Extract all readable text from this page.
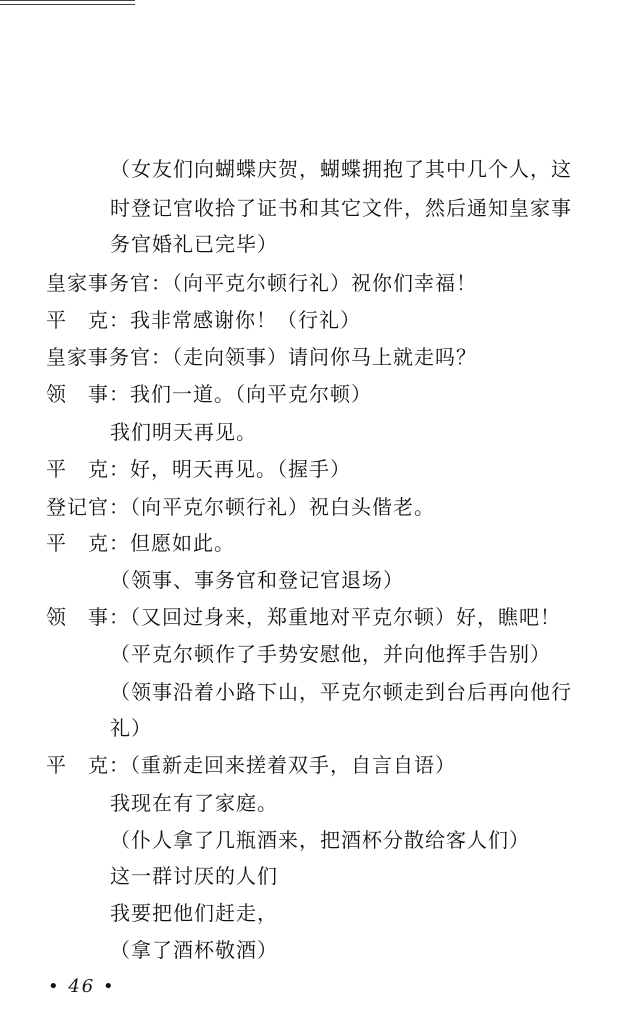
（女友们向蝴蝶庆贺，蝴蝶拥抱了其中几个人，这
时登记官收拾了证书和其它文件，然后通知皇家事
务官婚礼已完毕）
皇家事务官：（向平克尔顿行礼）祝你们幸福！
平　克：我非常感谢你！（行礼）
皇家事务官：（走向领事）请问你马上就走吗？
领　事：我们一道。（向平克尔顿）
我们明天再见。
平　克：好，明天再见。（握手）
登记官：（向平克尔顿行礼）祝白头偕老。
平　克：但愿如此。
（领事、事务官和登记官退场）
领　事：（又回过身来，郑重地对平克尔顿）好，瞧吧！
（平克尔顿作了手势安慰他，并向他挥手告别）
（领事沿着小路下山，平克尔顿走到台后再向他行
礼）
平　克：（重新走回来搓着双手，自言自语）
我现在有了家庭。
（仆人拿了几瓶酒来，把酒杯分散给客人们）
这一群讨厌的人们
我要把他们赶走，
（拿了酒杯敬酒）
• 46 •
